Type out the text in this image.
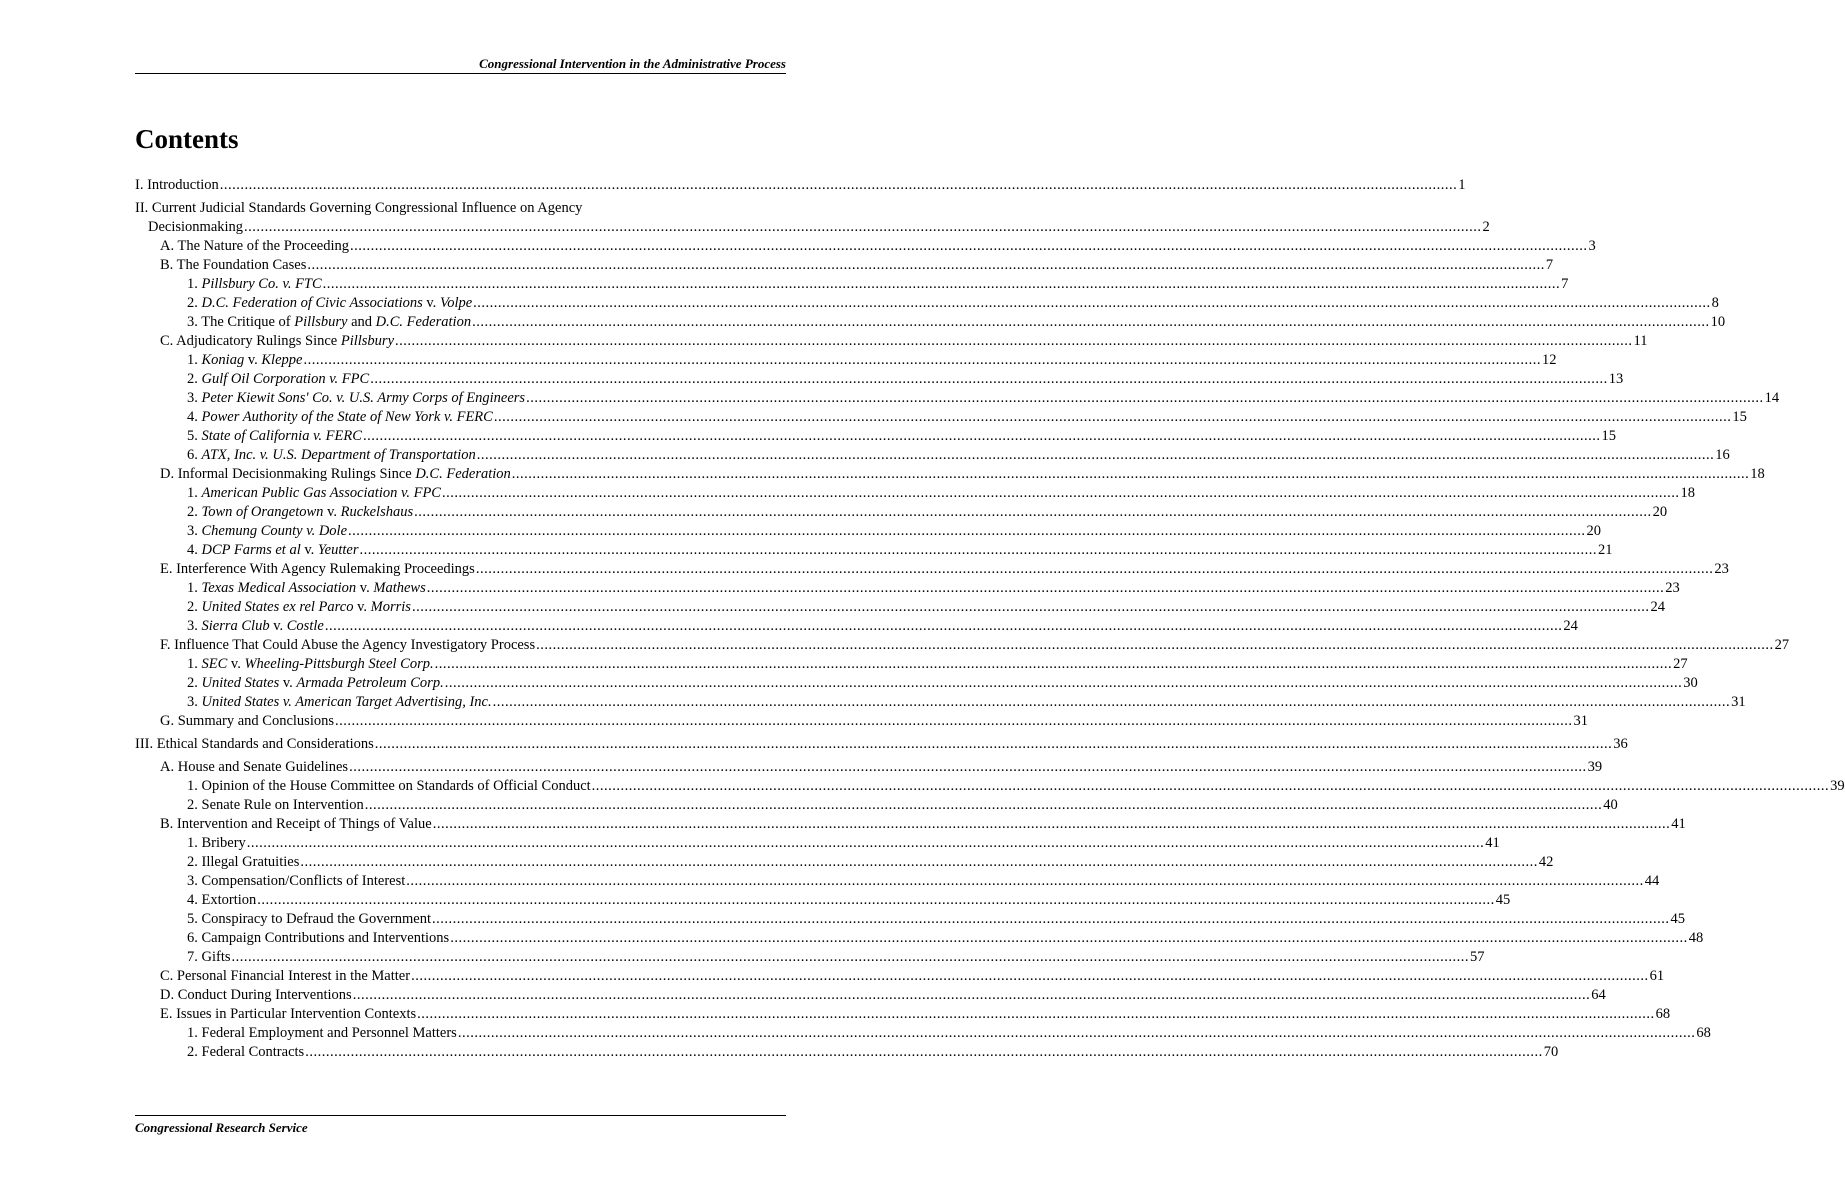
Congressional Intervention in the Administrative Process
Contents
I. Introduction ............................................................................................................................................................................................................................................................................................................ 1
II. Current Judicial Standards Governing Congressional Influence on Agency
Decisionmaking ............................................................................................................................................................................................................................................................................................................ 2
A. The Nature of the Proceeding ............................................................................................................................................................................................................................................................................................................ 3
B. The Foundation Cases ............................................................................................................................................................................................................................................................................................................ 7
1. Pillsbury Co. v. FTC ............................................................................................................................................................................................................................................................................................................ 7
2. D.C. Federation of Civic Associations v. Volpe ............................................................................................................................................................................................................................................................................................................ 8
3. The Critique of Pillsbury and D.C. Federation ............................................................................................................................................................................................................................................................................................................ 10
C. Adjudicatory Rulings Since Pillsbury ............................................................................................................................................................................................................................................................................................................ 11
1. Koniag v. Kleppe ............................................................................................................................................................................................................................................................................................................ 12
2. Gulf Oil Corporation v. FPC ............................................................................................................................................................................................................................................................................................................ 13
3. Peter Kiewit Sons' Co. v. U.S. Army Corps of Engineers ............................................................................................................................................................................................................................................................................................................ 14
4. Power Authority of the State of New York v. FERC ............................................................................................................................................................................................................................................................................................................ 15
5. State of California v. FERC ............................................................................................................................................................................................................................................................................................................ 15
6. ATX, Inc. v. U.S. Department of Transportation ............................................................................................................................................................................................................................................................................................................ 16
D. Informal Decisionmaking Rulings Since D.C. Federation ............................................................................................................................................................................................................................................................................................................ 18
1. American Public Gas Association v. FPC ............................................................................................................................................................................................................................................................................................................ 18
2. Town of Orangetown v. Ruckelshaus ............................................................................................................................................................................................................................................................................................................ 20
3. Chemung County v. Dole ............................................................................................................................................................................................................................................................................................................ 20
4. DCP Farms et al v. Yeutter ............................................................................................................................................................................................................................................................................................................ 21
E. Interference With Agency Rulemaking Proceedings ............................................................................................................................................................................................................................................................................................................ 23
1. Texas Medical Association v. Mathews ............................................................................................................................................................................................................................................................................................................ 23
2. United States ex rel Parco v. Morris ............................................................................................................................................................................................................................................................................................................ 24
3. Sierra Club v. Costle ............................................................................................................................................................................................................................................................................................................ 24
F. Influence That Could Abuse the Agency Investigatory Process ............................................................................................................................................................................................................................................................................................................ 27
1. SEC v. Wheeling-Pittsburgh Steel Corp. ............................................................................................................................................................................................................................................................................................................ 27
2. United States v. Armada Petroleum Corp. ............................................................................................................................................................................................................................................................................................................ 30
3. United States v. American Target Advertising, Inc. ............................................................................................................................................................................................................................................................................................................ 31
G. Summary and Conclusions ............................................................................................................................................................................................................................................................................................................ 31
III. Ethical Standards and Considerations ............................................................................................................................................................................................................................................................................................................ 36
A. House and Senate Guidelines ............................................................................................................................................................................................................................................................................................................ 39
1. Opinion of the House Committee on Standards of Official Conduct ............................................................................................................................................................................................................................................................................................................ 39
2. Senate Rule on Intervention ............................................................................................................................................................................................................................................................................................................ 40
B. Intervention and Receipt of Things of Value ............................................................................................................................................................................................................................................................................................................ 41
1. Bribery ............................................................................................................................................................................................................................................................................................................ 41
2. Illegal Gratuities ............................................................................................................................................................................................................................................................................................................ 42
3. Compensation/Conflicts of Interest ............................................................................................................................................................................................................................................................................................................ 44
4. Extortion ............................................................................................................................................................................................................................................................................................................ 45
5. Conspiracy to Defraud the Government ............................................................................................................................................................................................................................................................................................................ 45
6. Campaign Contributions and Interventions ............................................................................................................................................................................................................................................................................................................ 48
7. Gifts ............................................................................................................................................................................................................................................................................................................ 57
C. Personal Financial Interest in the Matter ............................................................................................................................................................................................................................................................................................................ 61
D. Conduct During Interventions ............................................................................................................................................................................................................................................................................................................ 64
E. Issues in Particular Intervention Contexts ............................................................................................................................................................................................................................................................................................................ 68
1. Federal Employment and Personnel Matters ............................................................................................................................................................................................................................................................................................................ 68
2. Federal Contracts ............................................................................................................................................................................................................................................................................................................ 70
Congressional Research Service
